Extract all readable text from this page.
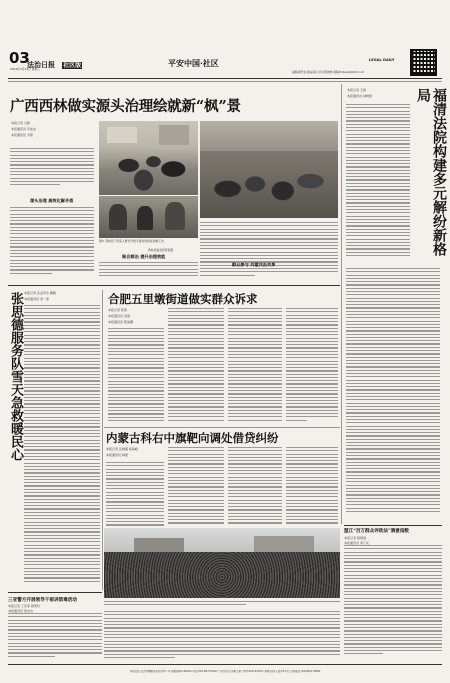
03
法治日报 社区版
2024年4月24日 星期三
平安中国·社区	LEGAL DAILY
编辑/黄纪旭 美编/高远 校对/陈晓桦 邮箱/fzrbsqzk@163.com
广西西林做实源头治理绘就新“枫”景
本报记者 马艳
本报通讯员 苏成杰
本报通讯员 韦燕
源头治理 高效化解矛盾
图① 西林县干部深入群众开展矛盾纠纷排查化解工作。
西林县委宣传部供图
聚合群治 提升治理效能
群众参与 共建共治共享
本报记者 王颖
本报通讯员 林晓皙	福清法院构建多元解纷新格局
本报记者 张孟育乐 魏雅
本报通讯员 李一雷
张思德服务队雪天急救暖民心	合肥五里墩街道做实群众诉求
本报记者 陈燕
本报通讯员 吴丽
本报通讯员 陈丽娜
内蒙古科右中旗靶向调处借贷纠纷
本报记者 张晓露 杨海峰
本报通讯员 韩惠
三亚警方开展领导干部讲禁毒活动
本报记者 丁若菲 蒋秀玲
本报通讯员 邢永吉
盟江“百万群众评政法”满意指数
本报记者 程建国
本报通讯员 李广民
本报社址:北京市朝阳区花家地甲一号 邮政编码:100102 电话:010-84772200 广告许可证:京朝工商广登字20170105号 零售:每份人民币1.5元 订阅电话:(010)84772860
